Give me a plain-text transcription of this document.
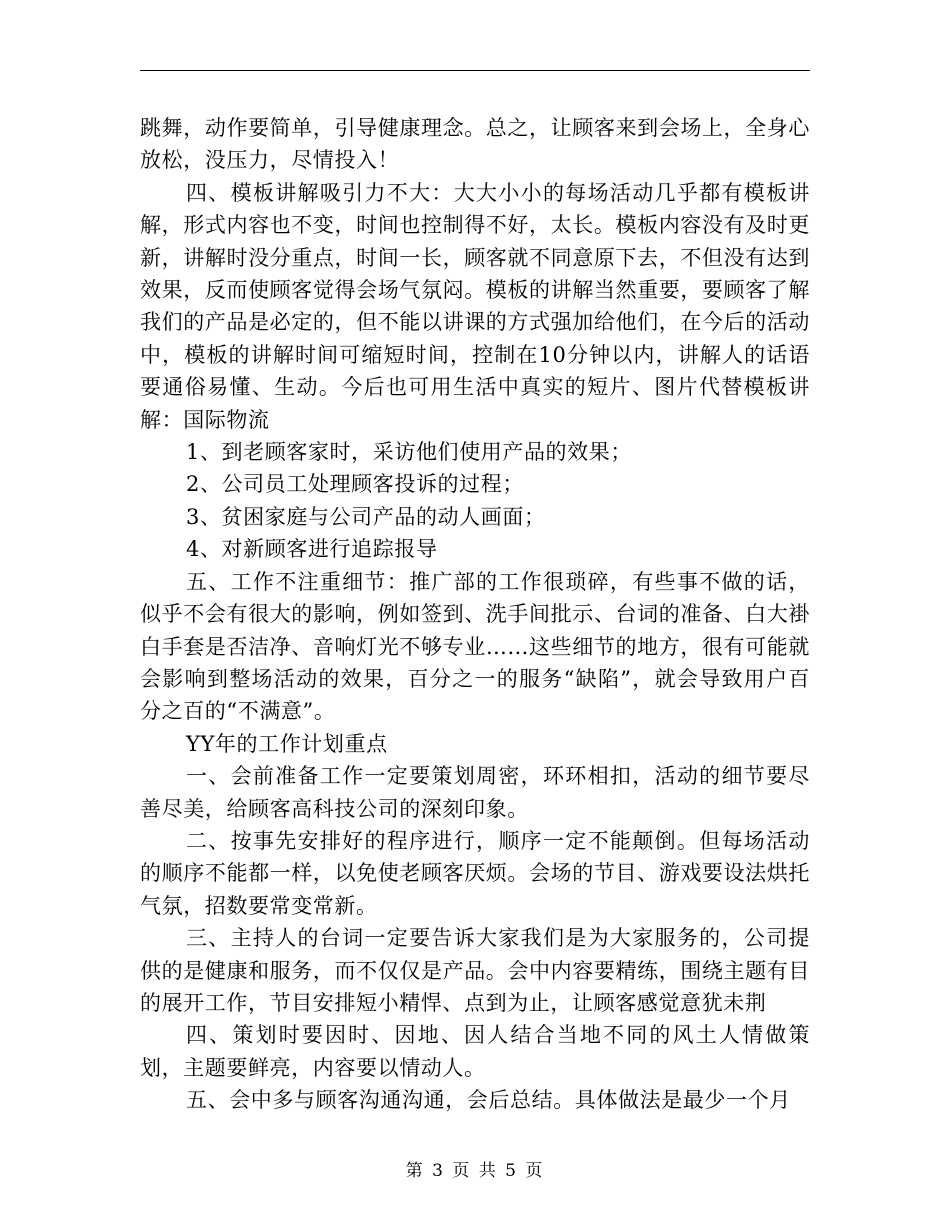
跳舞，动作要简单，引导健康理念。总之，让顾客来到会场上，全身心放松，没压力，尽情投入！

四、模板讲解吸引力不大：大大小小的每场活动几乎都有模板讲解，形式内容也不变，时间也控制得不好，太长。模板内容没有及时更新，讲解时没分重点，时间一长，顾客就不同意原下去，不但没有达到效果，反而使顾客觉得会场气氛闷。模板的讲解当然重要，要顾客了解我们的产品是必定的，但不能以讲课的方式强加给他们，在今后的活动中，模板的讲解时间可缩短时间，控制在10分钟以内，讲解人的话语要通俗易懂、生动。今后也可用生活中真实的短片、图片代替模板讲解：国际物流

1、到老顾客家时，采访他们使用产品的效果；

2、公司员工处理顾客投诉的过程；

3、贫困家庭与公司产品的动人画面；

4、对新顾客进行追踪报导

五、工作不注重细节：推广部的工作很琐碎，有些事不做的话，似乎不会有很大的影响，例如签到、洗手间批示、台词的准备、白大褂白手套是否洁净、音响灯光不够专业……这些细节的地方，很有可能就会影响到整场活动的效果，百分之一的服务“缺陷”，就会导致用户百分之百的“不满意”。

YY年的工作计划重点

一、会前准备工作一定要策划周密，环环相扣，活动的细节要尽善尽美，给顾客高科技公司的深刻印象。

二、按事先安排好的程序进行，顺序一定不能颠倒。但每场活动的顺序不能都一样，以免使老顾客厌烦。会场的节目、游戏要设法烘托气氛，招数要常变常新。

三、主持人的台词一定要告诉大家我们是为大家服务的，公司提供的是健康和服务，而不仅仅是产品。会中内容要精练，围绕主题有目的展开工作，节目安排短小精悍、点到为止，让顾客感觉意犹未荆

四、策划时要因时、因地、因人结合当地不同的风土人情做策划，主题要鲜亮，内容要以情动人。

五、会中多与顾客沟通沟通，会后总结。具体做法是最少一个月

第 3 页 共 5 页
